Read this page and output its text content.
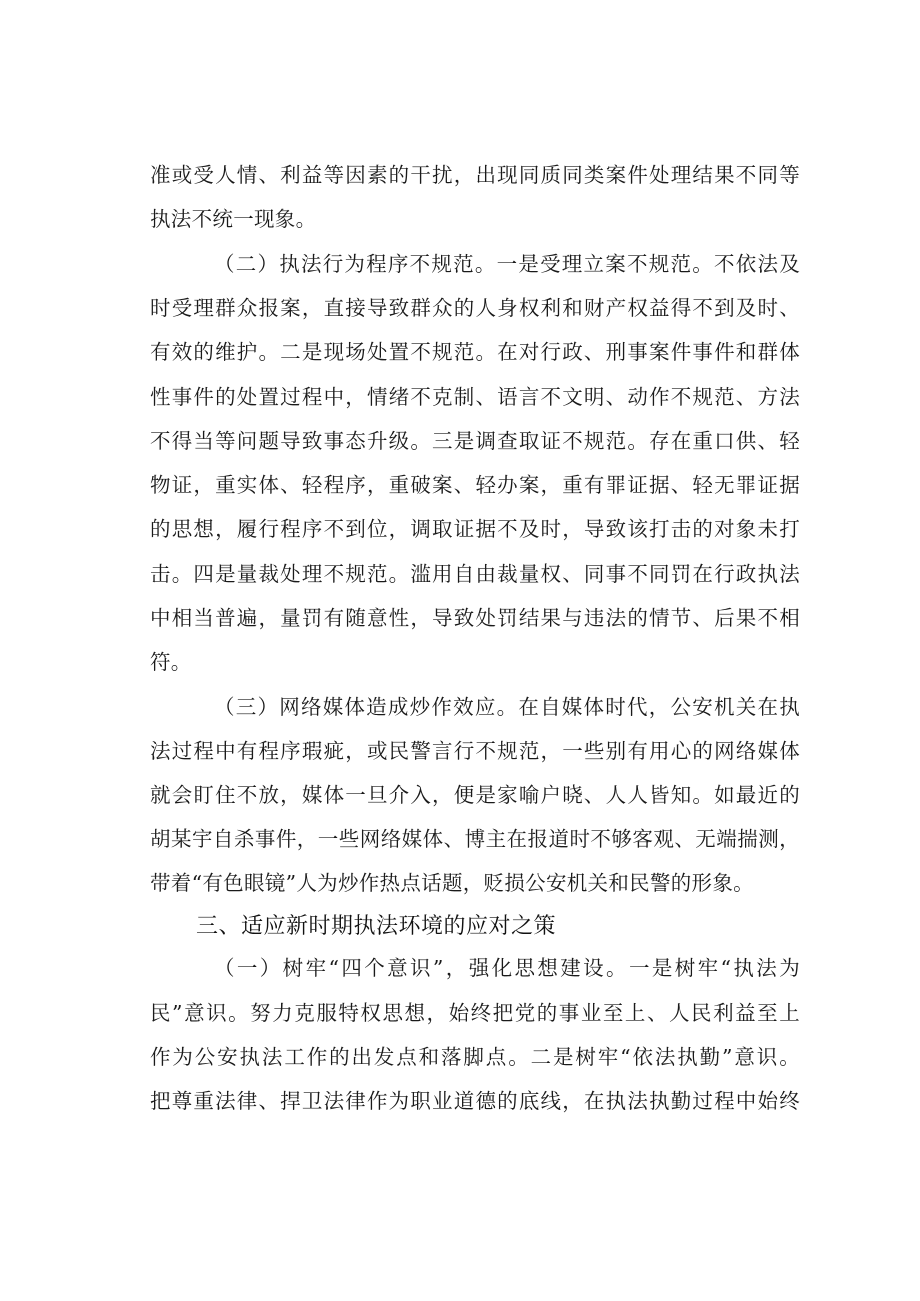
准或受人情、利益等因素的干扰，出现同质同类案件处理结果不同等
执法不统一现象。
（二）执法行为程序不规范。一是受理立案不规范。不依法及
时受理群众报案，直接导致群众的人身权利和财产权益得不到及时、
有效的维护。二是现场处置不规范。在对行政、刑事案件事件和群体
性事件的处置过程中，情绪不克制、语言不文明、动作不规范、方法
不得当等问题导致事态升级。三是调查取证不规范。存在重口供、轻
物证，重实体、轻程序，重破案、轻办案，重有罪证据、轻无罪证据
的思想，履行程序不到位，调取证据不及时，导致该打击的对象未打
击。四是量裁处理不规范。滥用自由裁量权、同事不同罚在行政执法
中相当普遍，量罚有随意性，导致处罚结果与违法的情节、后果不相
符。
（三）网络媒体造成炒作效应。在自媒体时代，公安机关在执
法过程中有程序瑕疵，或民警言行不规范，一些别有用心的网络媒体
就会盯住不放，媒体一旦介入，便是家喻户晓、人人皆知。如最近的
胡某宇自杀事件，一些网络媒体、博主在报道时不够客观、无端揣测，
带着“有色眼镜”人为炒作热点话题，贬损公安机关和民警的形象。
三、适应新时期执法环境的应对之策
（一）树牢“四个意识”，强化思想建设。一是树牢“执法为
民”意识。努力克服特权思想，始终把党的事业至上、人民利益至上
作为公安执法工作的出发点和落脚点。二是树牢“依法执勤”意识。
把尊重法律、捍卫法律作为职业道德的底线，在执法执勤过程中始终
